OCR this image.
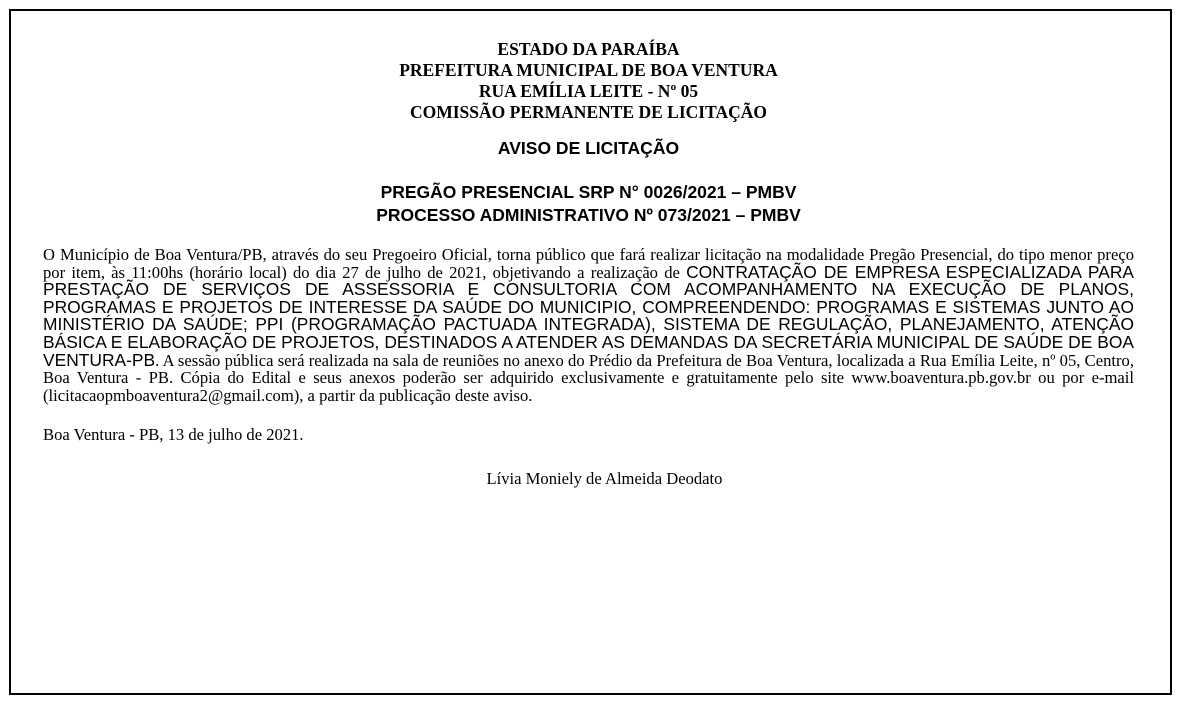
ESTADO DA PARAÍBA
PREFEITURA MUNICIPAL DE BOA VENTURA
RUA EMÍLIA LEITE - Nº 05
COMISSÃO PERMANENTE DE LICITAÇÃO
AVISO DE LICITAÇÃO
PREGÃO PRESENCIAL SRP N° 0026/2021 – PMBV
PROCESSO ADMINISTRATIVO Nº 073/2021 – PMBV
O Município de Boa Ventura/PB, através do seu Pregoeiro Oficial, torna público que fará realizar licitação na modalidade Pregão Presencial, do tipo menor preço por item, às 11:00hs (horário local) do dia 27 de julho de 2021, objetivando a realização de CONTRATAÇÃO DE EMPRESA ESPECIALIZADA PARA PRESTAÇÃO DE SERVIÇOS DE ASSESSORIA E CONSULTORIA COM ACOMPANHAMENTO NA EXECUÇÃO DE PLANOS, PROGRAMAS E PROJETOS DE INTERESSE DA SAÚDE DO MUNICIPIO, COMPREENDENDO: PROGRAMAS E SISTEMAS JUNTO AO MINISTÉRIO DA SAÚDE; PPI (PROGRAMAÇÃO PACTUADA INTEGRADA), SISTEMA DE REGULAÇÃO, PLANEJAMENTO, ATENÇÃO BÁSICA E ELABORAÇÃO DE PROJETOS, DESTINADOS A ATENDER AS DEMANDAS DA SECRETÁRIA MUNICIPAL DE SAÚDE DE BOA VENTURA-PB. A sessão pública será realizada na sala de reuniões no anexo do Prédio da Prefeitura de Boa Ventura, localizada a Rua Emília Leite, nº 05, Centro, Boa Ventura - PB. Cópia do Edital e seus anexos poderão ser adquirido exclusivamente e gratuitamente pelo site www.boaventura.pb.gov.br ou por e-mail (licitacaopmboaventura2@gmail.com), a partir da publicação deste aviso.
Boa Ventura - PB, 13 de julho de 2021.
Lívia Moniely de Almeida Deodato
